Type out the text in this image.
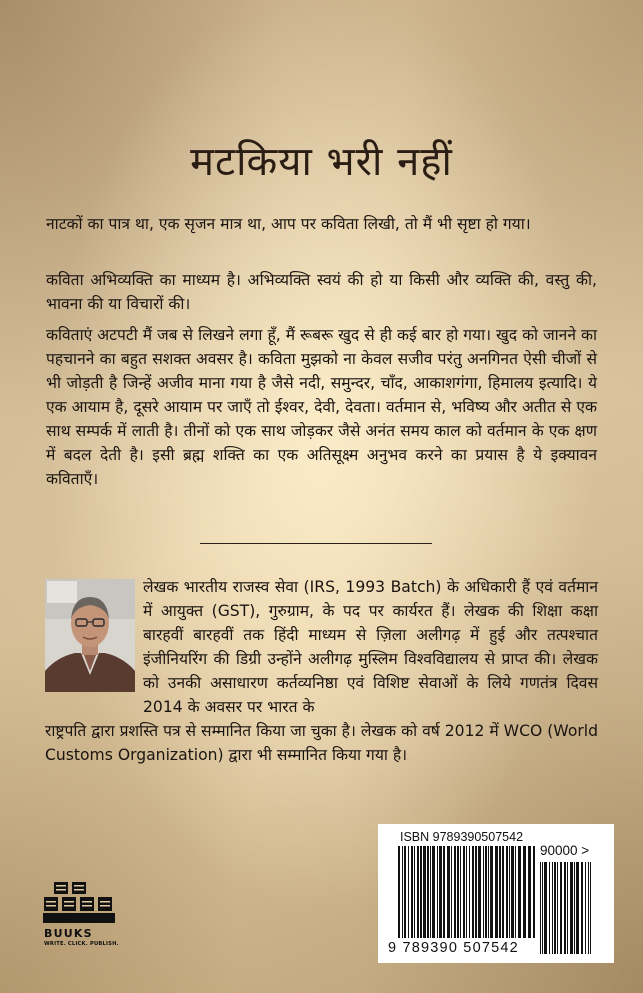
मटकिया भरी नहीं

नाटकों का पात्र था, एक सृजन मात्र था, आप पर कविता लिखी, तो मैं भी सृष्टा हो गया।

कविता अभिव्यक्ति का माध्यम है। अभिव्यक्ति स्वयं की हो या किसी और व्यक्ति की, वस्तु की, भावना की या विचारों की।

कविताएं अटपटी मैं जब से लिखने लगा हूँ, मैं रूबरू खुद से ही कई बार हो गया। खुद को जानने का पहचानने का बहुत सशक्त अवसर है। कविता मुझको ना केवल सजीव परंतु अनगिनत ऐसी चीजों से भी जोड़ती है जिन्हें अजीव माना गया है जैसे नदी, समुन्दर, चाँद, आकाशगंगा, हिमालय इत्यादि। ये एक आयाम है, दूसरे आयाम पर जाएँ तो ईश्वर, देवी, देवता। वर्तमान से, भविष्य और अतीत से एक साथ सम्पर्क में लाती है। तीनों को एक साथ जोड़कर जैसे अनंत समय काल को वर्तमान के एक क्षण में बदल देती है। इसी ब्रह्म शक्ति का एक अतिसूक्ष्म अनुभव करने का प्रयास है ये इक्यावन कविताएँ।

लेखक भारतीय राजस्व सेवा (IRS, 1993 Batch) के अधिकारी हैं एवं वर्तमान में आयुक्त (GST), गुरुग्राम, के पद पर कार्यरत हैं। लेखक की शिक्षा कक्षा बारहवीं बारहवीं तक हिंदी माध्यम से ज़िला अलीगढ़ में हुई और तत्पश्चात इंजीनियरिंग की डिग्री उन्होंने अलीगढ़ मुस्लिम विश्वविद्यालय से प्राप्त की। लेखक को उनकी असाधारण कर्तव्यनिष्ठा एवं विशिष्ट सेवाओं के लिये गणतंत्र दिवस 2014 के अवसर पर भारत के

राष्ट्रपति द्वारा प्रशस्ति पत्र से सम्मानित किया जा चुका है। लेखक को वर्ष 2012 में WCO (World Customs Organization) द्वारा भी सम्मानित किया गया है।

ISBN 9789390507542
90000 >
9 789390 507542
BUUKS
WRITE. CLICK. PUBLISH.
